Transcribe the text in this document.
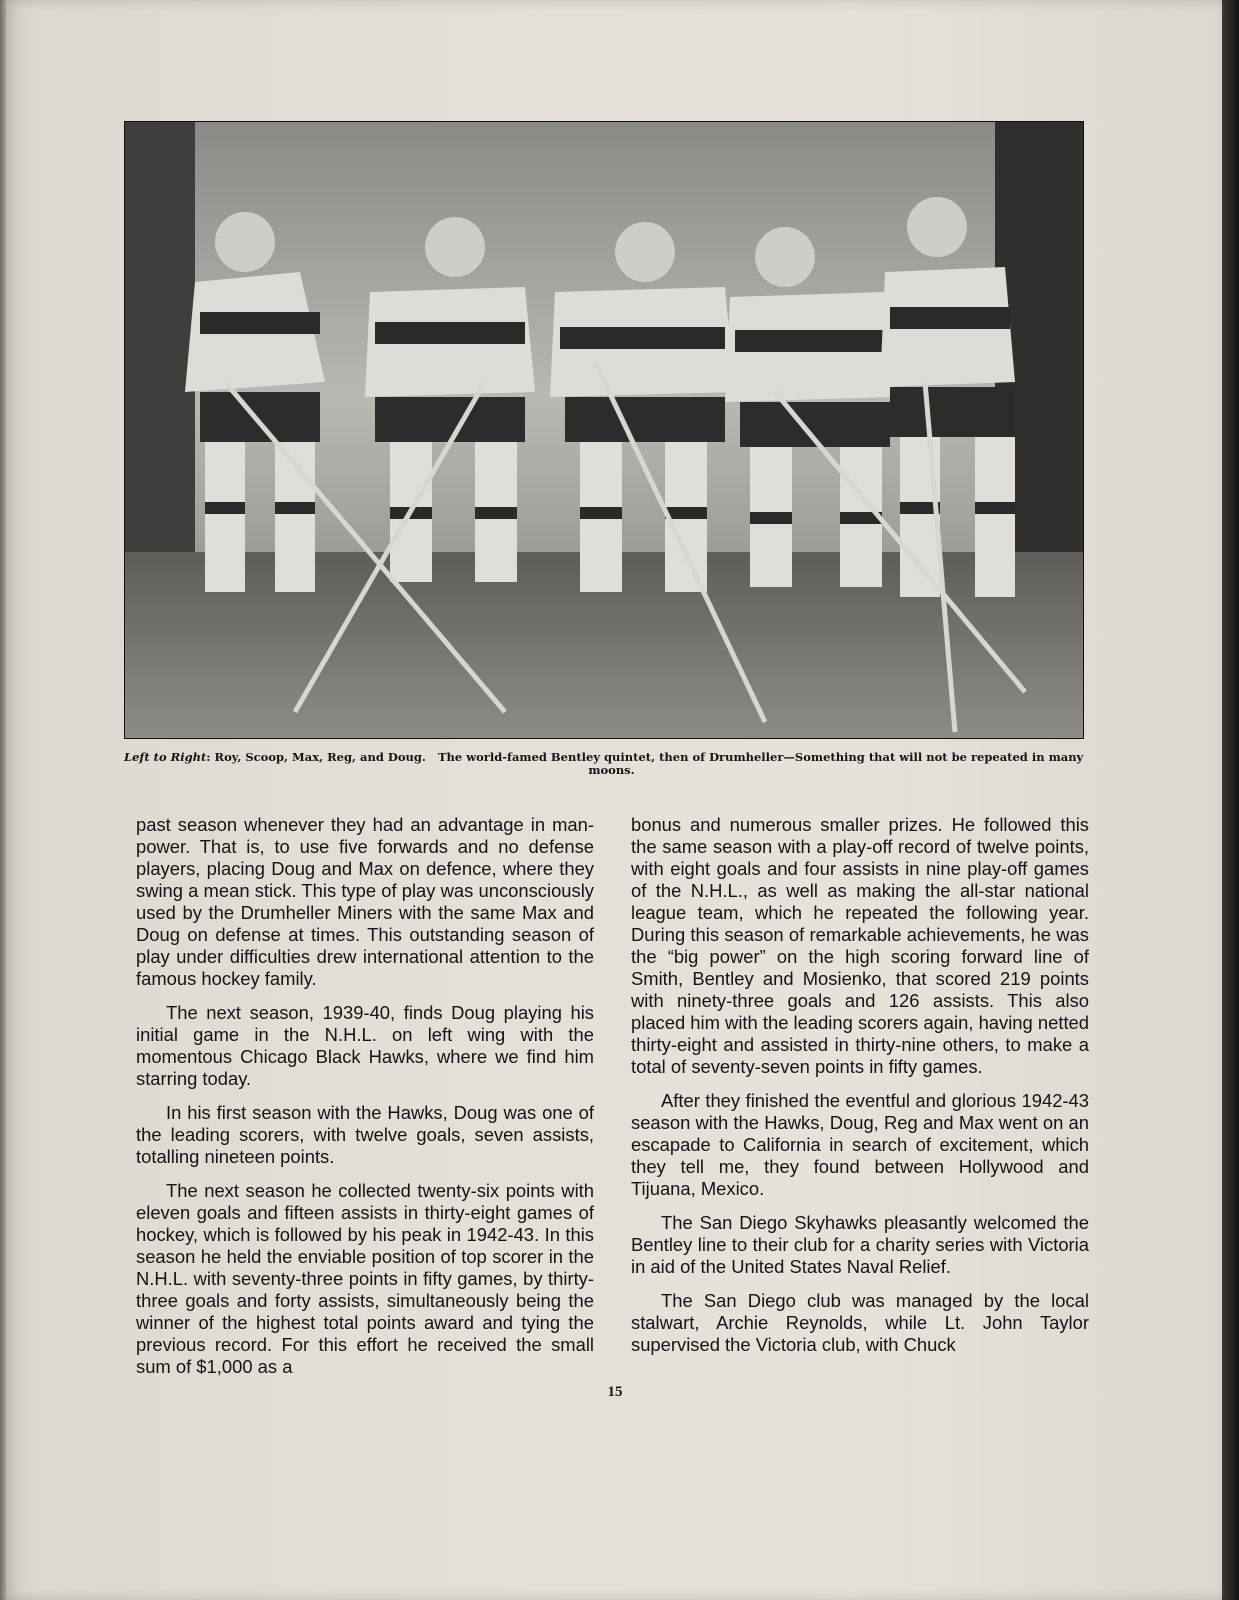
Left to Right: Roy, Scoop, Max, Reg, and Doug. The world-famed Bentley quintet, then of Drumheller—Something that will not be repeated in many
moons.

past season whenever they had an advantage in man-power. That is, to use five forwards and no defense players, placing Doug and Max on defence, where they swing a mean stick. This type of play was unconsciously used by the Drumheller Miners with the same Max and Doug on defense at times. This outstanding season of play under difficulties drew international attention to the famous hockey family.

The next season, 1939-40, finds Doug playing his initial game in the N.H.L. on left wing with the momentous Chicago Black Hawks, where we find him starring today.

In his first season with the Hawks, Doug was one of the leading scorers, with twelve goals, seven assists, totalling nineteen points.

The next season he collected twenty-six points with eleven goals and fifteen assists in thirty-eight games of hockey, which is followed by his peak in 1942-43. In this season he held the enviable position of top scorer in the N.H.L. with seventy-three points in fifty games, by thirty-three goals and forty assists, simultaneously being the winner of the highest total points award and tying the previous record. For this effort he received the small sum of $1,000 as a

bonus and numerous smaller prizes. He followed this the same season with a play-off record of twelve points, with eight goals and four assists in nine play-off games of the N.H.L., as well as making the all-star national league team, which he repeated the following year. During this season of remarkable achievements, he was the “big power” on the high scoring forward line of Smith, Bentley and Mosienko, that scored 219 points with ninety-three goals and 126 assists. This also placed him with the leading scorers again, having netted thirty-eight and assisted in thirty-nine others, to make a total of seventy-seven points in fifty games.

After they finished the eventful and glorious 1942-43 season with the Hawks, Doug, Reg and Max went on an escapade to California in search of excitement, which they tell me, they found between Hollywood and Tijuana, Mexico.

The San Diego Skyhawks pleasantly welcomed the Bentley line to their club for a charity series with Victoria in aid of the United States Naval Relief.

The San Diego club was managed by the local stalwart, Archie Reynolds, while Lt. John Taylor supervised the Victoria club, with Chuck

15
